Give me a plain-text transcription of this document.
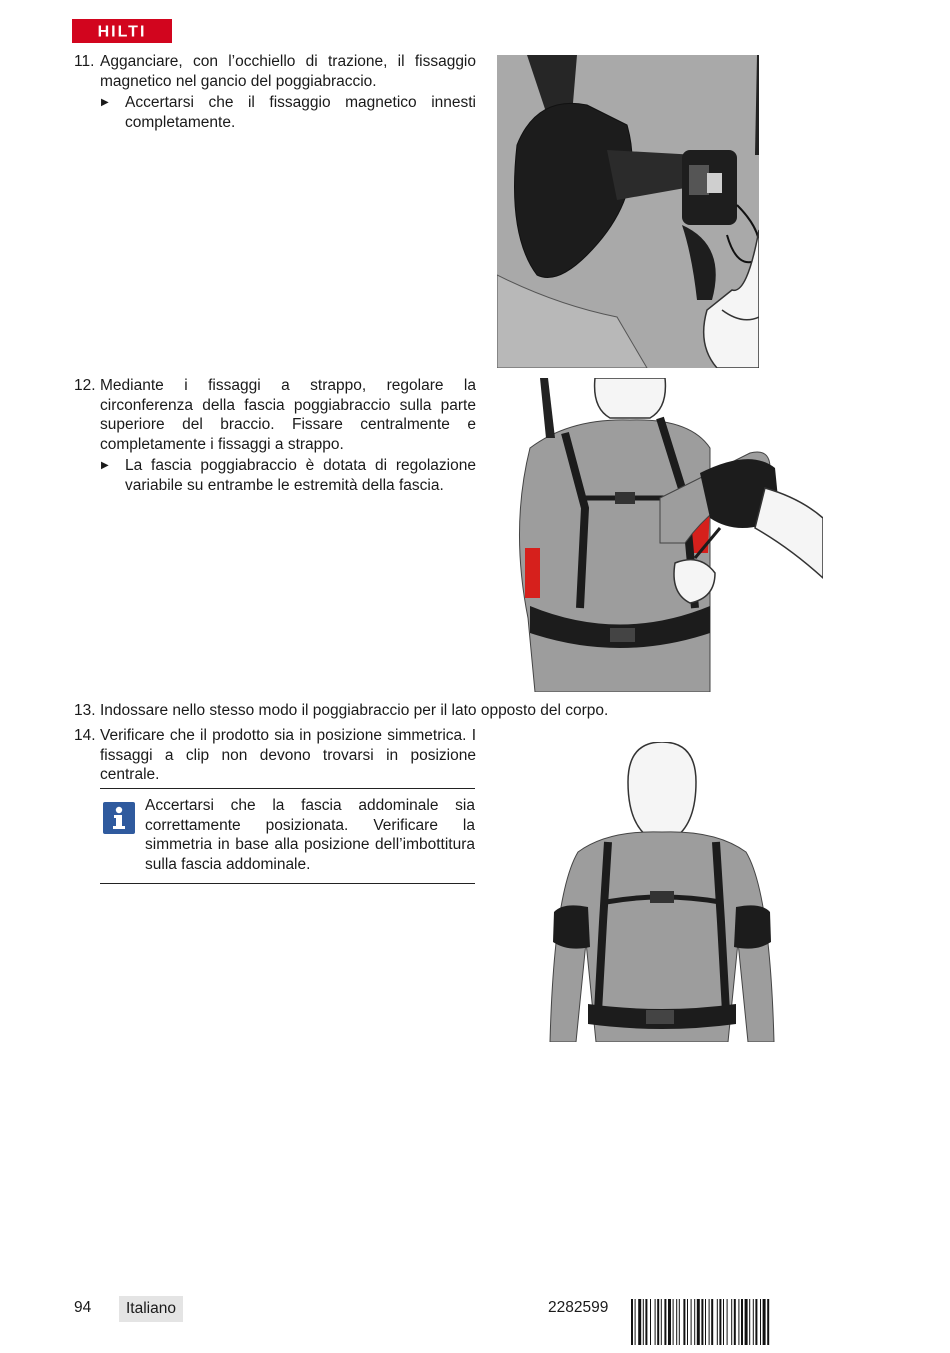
HILTI
11. Agganciare, con l’occhiello di trazione, il fissaggio magnetico nel gancio del poggiabraccio.
▶ Accertarsi che il fissaggio magnetico innesti completamente.
12. Mediante i fissaggi a strappo, regolare la circonferenza della fascia poggiabraccio sulla parte superiore del braccio. Fissare centralmente e completamente i fissaggi a strappo.
▶ La fascia poggiabraccio è dotata di regolazione variabile su entrambe le estremità della fascia.
13. Indossare nello stesso modo il poggiabraccio per il lato opposto del corpo.
14. Verificare che il prodotto sia in posizione simmetrica. I fissaggi a clip non devono trovarsi in posizione centrale.
Accertarsi che la fascia addominale sia correttamente posizionata. Verificare la simmetria in base alla posizione dell’imbottitura sulla fascia addominale.
94	Italiano	2282599
